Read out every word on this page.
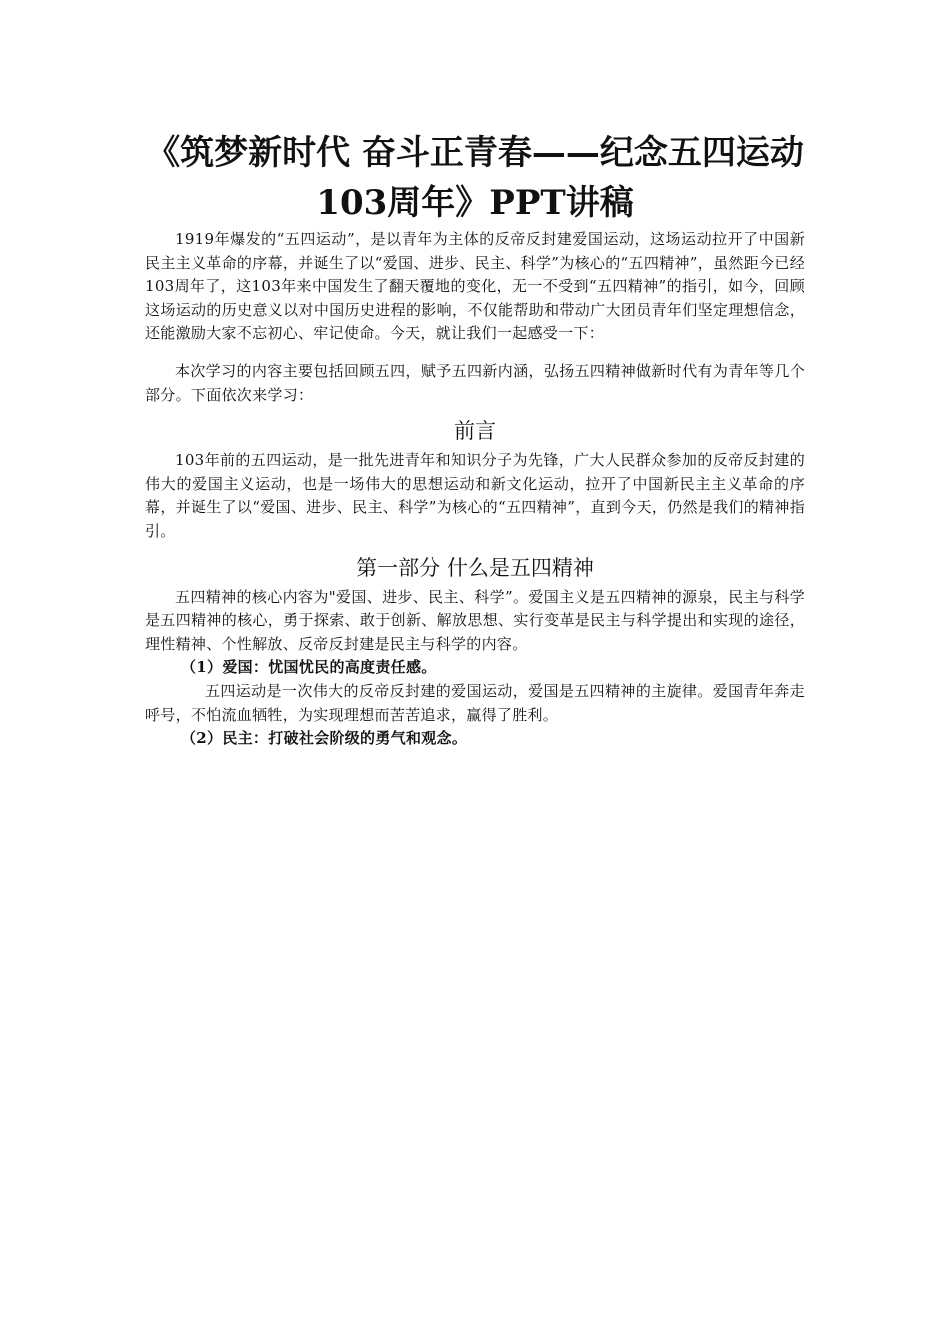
《筑梦新时代 奋斗正青春——纪念五四运动103周年》PPT讲稿

1919年爆发的“五四运动”，是以青年为主体的反帝反封建爱国运动，这场运动拉开了中国新民主主义革命的序幕，并诞生了以“爱国、进步、民主、科学”为核心的“五四精神”，虽然距今已经103周年了，这103年来中国发生了翻天覆地的变化，无一不受到“五四精神”的指引，如今，回顾这场运动的历史意义以对中国历史进程的影响，不仅能帮助和带动广大团员青年们坚定理想信念，还能激励大家不忘初心、牢记使命。今天，就让我们一起感受一下：

本次学习的内容主要包括回顾五四，赋予五四新内涵，弘扬五四精神做新时代有为青年等几个部分。下面依次来学习：

前言

103年前的五四运动，是一批先进青年和知识分子为先锋，广大人民群众参加的反帝反封建的伟大的爱国主义运动，也是一场伟大的思想运动和新文化运动，拉开了中国新民主主义革命的序幕，并诞生了以“爱国、进步、民主、科学”为核心的“五四精神”，直到今天，仍然是我们的精神指引。

第一部分 什么是五四精神

五四精神的核心内容为"爱国、进步、民主、科学”。爱国主义是五四精神的源泉，民主与科学是五四精神的核心，勇于探索、敢于创新、解放思想、实行变革是民主与科学提出和实现的途径，理性精神、个性解放、反帝反封建是民主与科学的内容。

（1）爱国：忧国忧民的高度责任感。

五四运动是一次伟大的反帝反封建的爱国运动，爱国是五四精神的主旋律。爱国青年奔走呼号，不怕流血牺牲，为实现理想而苦苦追求，赢得了胜利。

（2）民主：打破社会阶级的勇气和观念。
